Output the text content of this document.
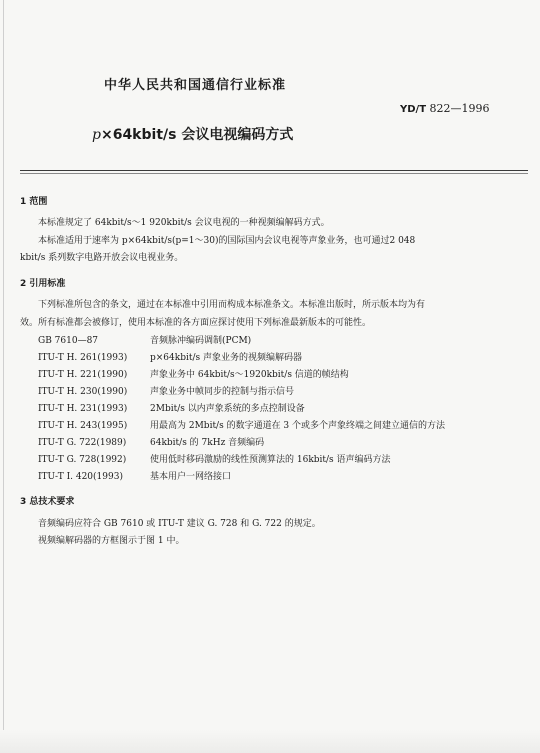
中华人民共和国通信行业标准
YD/T 822—1996
p×64kbit/s 会议电视编码方式
1 范围
本标准规定了 64kbit/s～1 920kbit/s 会议电视的一种视频编解码方式。
本标准适用于速率为 p×64kbit/s(p=1～30)的国际国内会议电视等声象业务，也可通过2 048
kbit/s 系列数字电路开放会议电视业务。
2 引用标准
下列标准所包含的条文，通过在本标准中引用而构成本标准条文。本标准出版时，所示版本均为有
效。所有标准都会被修订，使用本标准的各方面应探讨使用下列标准最新版本的可能性。
GB 7610—87	音频脉冲编码调制(PCM)
ITU-T H. 261(1993)	p×64kbit/s 声象业务的视频编解码器
ITU-T H. 221(1990)	声象业务中 64kbit/s～1920kbit/s 信道的帧结构
ITU-T H. 230(1990)	声象业务中帧同步的控制与指示信号
ITU-T H. 231(1993)	2Mbit/s 以内声象系统的多点控制设备
ITU-T H. 243(1995)	用最高为 2Mbit/s 的数字通道在 3 个或多个声象终端之间建立通信的方法
ITU-T G. 722(1989)	64kbit/s 的 7kHz 音频编码
ITU-T G. 728(1992)	使用低时移码激励的线性预测算法的 16kbit/s 语声编码方法
ITU-T I. 420(1993)	基本用户一网络接口
3 总技术要求
音频编码应符合 GB 7610 或 ITU-T 建议 G. 728 和 G. 722 的规定。
视频编解码器的方框图示于图 1 中。
